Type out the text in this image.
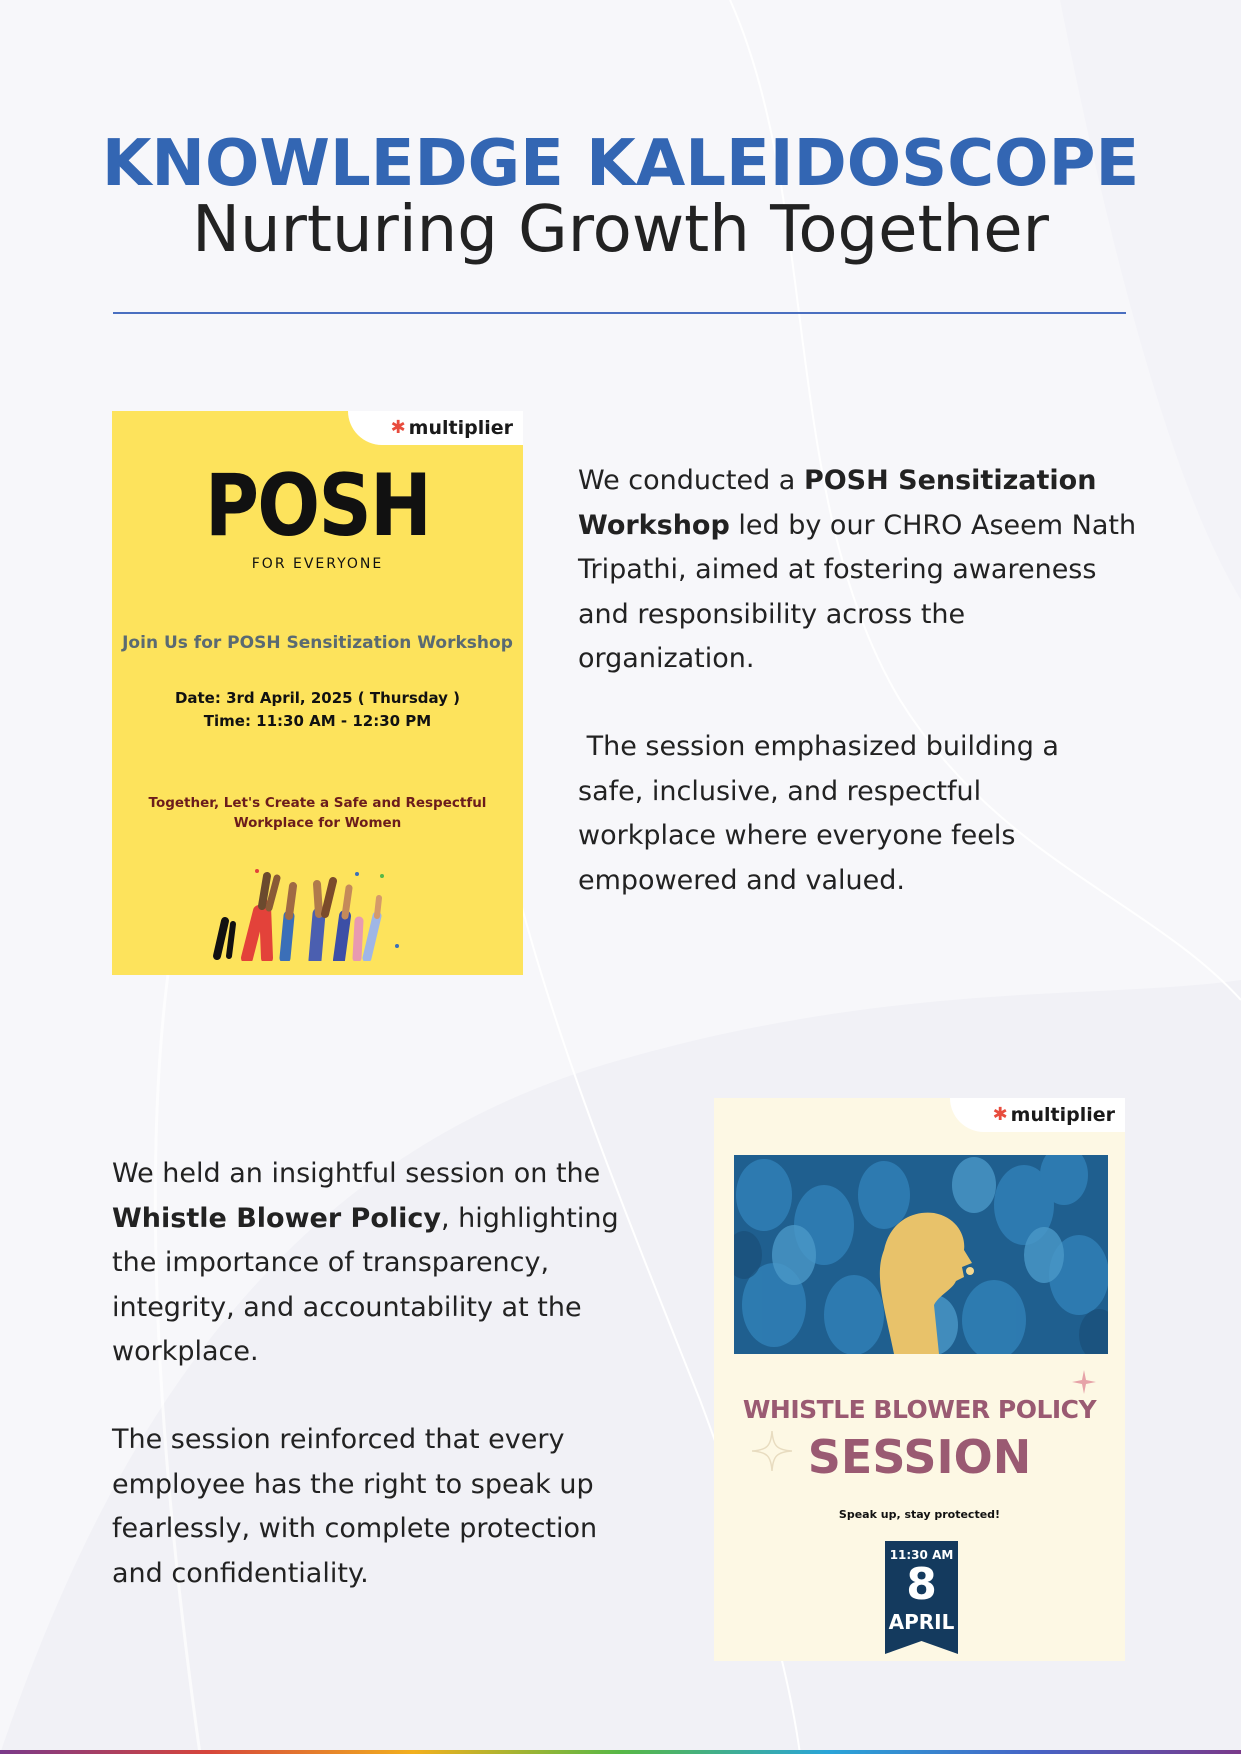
KNOWLEDGE KALEIDOSCOPE
Nurturing Growth Together
✱ multiplier
POSH
FOR EVERYONE
Join Us for POSH Sensitization Workshop
Date: 3rd April, 2025 ( Thursday )
Time: 11:30 AM - 12:30 PM
Together, Let's Create a Safe and Respectful Workplace for Women
We conducted a POSH Sensitization Workshop led by our CHRO Aseem Nath Tripathi, aimed at fostering awareness and responsibility across the organization.
The session emphasized building a safe, inclusive, and respectful workplace where everyone feels empowered and valued.
We held an insightful session on the Whistle Blower Policy, highlighting the importance of transparency, integrity, and accountability at the workplace.
The session reinforced that every employee has the right to speak up fearlessly, with complete protection and confidentiality.
✱ multiplier
WHISTLE BLOWER POLICY
SESSION
Speak up, stay protected!
11:30 AM
8
APRIL
